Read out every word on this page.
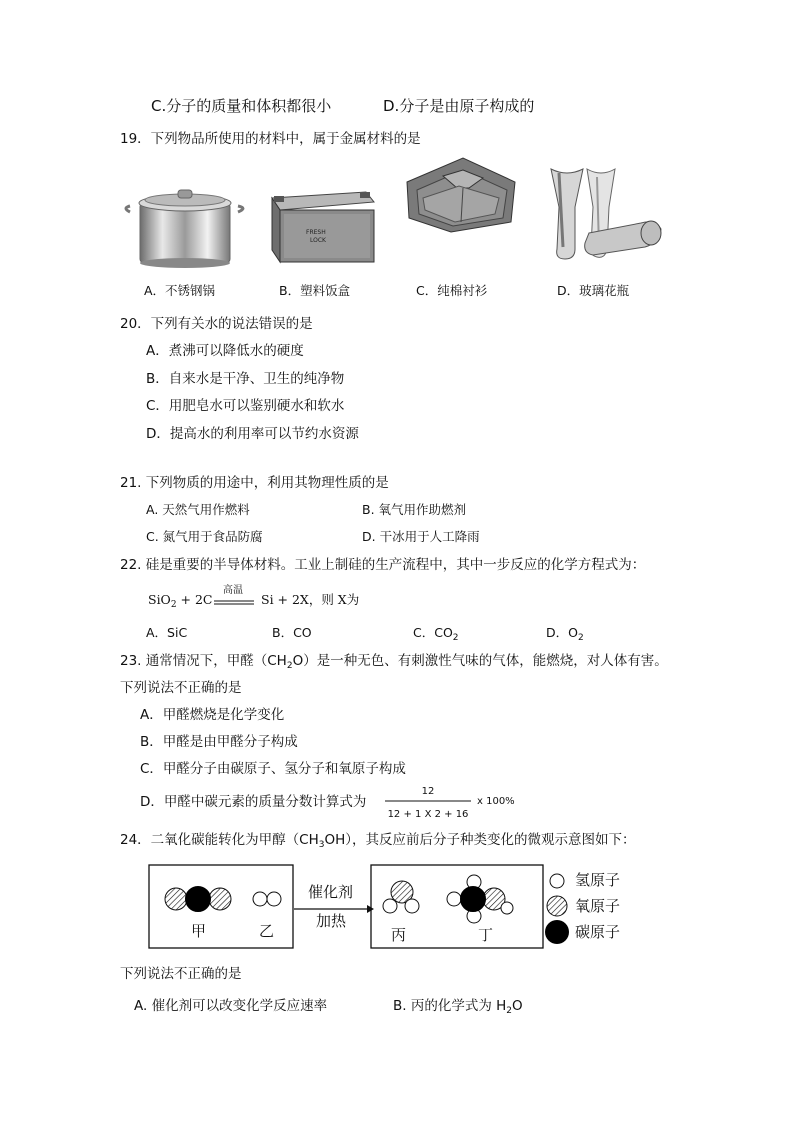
C.分子的质量和体积都很小	D.分子是由原子构成的
19．下列物品所使用的材料中，属于金属材料的是
FRESH
LOCK
A．不锈钢锅	B．塑料饭盒	C．纯棉衬衫	D．玻璃花瓶
20．下列有关水的说法错误的是
A．煮沸可以降低水的硬度
B．自来水是干净、卫生的纯净物
C．用肥皂水可以鉴别硬水和软水
D．提高水的利用率可以节约水资源
21. 下列物质的用途中，利用其物理性质的是
A. 天然气用作燃料	B. 氧气用作助燃剂
C. 氮气用于食品防腐	D. 干冰用于人工降雨
22. 硅是重要的半导体材料。工业上制硅的生产流程中，其中一步反应的化学方程式为：
SiO$_2$ + 2C
高温
Si + 2X，则 X为
A．SiC	B．CO	C．$CO_2$	D．$O_2$
23. 通常情况下，甲醛$(CH_2O)$是一种无色、有刺激性气味的气体，能燃烧，对人体有害。
下列说法不正确的是
A．甲醛燃烧是化学变化
B．甲醛是由甲醛分子构成
C．甲醛分子由碳原子、氢分子和氧原子构成
D．甲醛中碳元素的质量分数计算式为
12
12 + 1 X 2 + 16
x 100%
24．二氧化碳能转化为甲醇$(CH_3OH)$，其反应前后分子种类变化的微观示意图如下：
甲	乙	丙	丁
催化剂
加热
氢原子
氧原子
碳原子
下列说法不正确的是
A. 催化剂可以改变化学反应速率	B. 丙的化学式为 $H_2O$
